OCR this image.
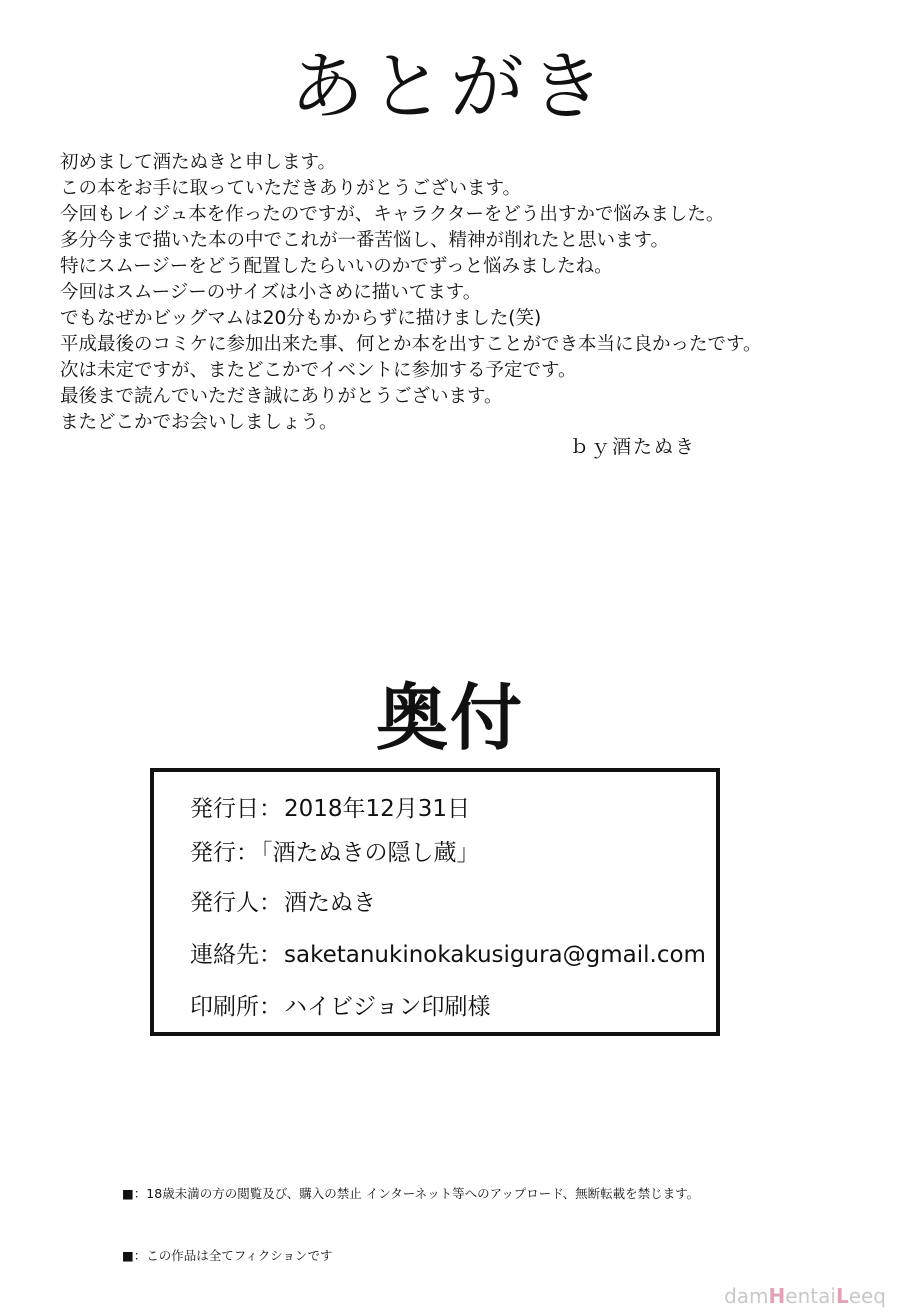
あとがき
初めまして酒たぬきと申します。
この本をお手に取っていただきありがとうございます。
今回もレイジュ本を作ったのですが、キャラクターをどう出すかで悩みました。
多分今まで描いた本の中でこれが一番苦悩し、精神が削れたと思います。
特にスムージーをどう配置したらいいのかでずっと悩みましたね。
今回はスムージーのサイズは小さめに描いてます。
でもなぜかビッグマムは20分もかからずに描けました(笑)
平成最後のコミケに参加出来た事、何とか本を出すことができ本当に良かったです。
次は未定ですが、またどこかでイベントに参加する予定です。
最後まで読んでいただき誠にありがとうございます。
またどこかでお会いしましょう。
ｂｙ酒たぬき
奥付
発行日：2018年12月31日
発行：「酒たぬきの隠し蔵」
発行人：酒たぬき
連絡先：saketanukinokakusigura@gmail.com
印刷所：ハイビジョン印刷様
■：18歳未満の方の閲覧及び、購入の禁止 インターネット等へのアップロード、無断転載を禁じます。
■：この作品は全てフィクションです
damHentaiLeeq
